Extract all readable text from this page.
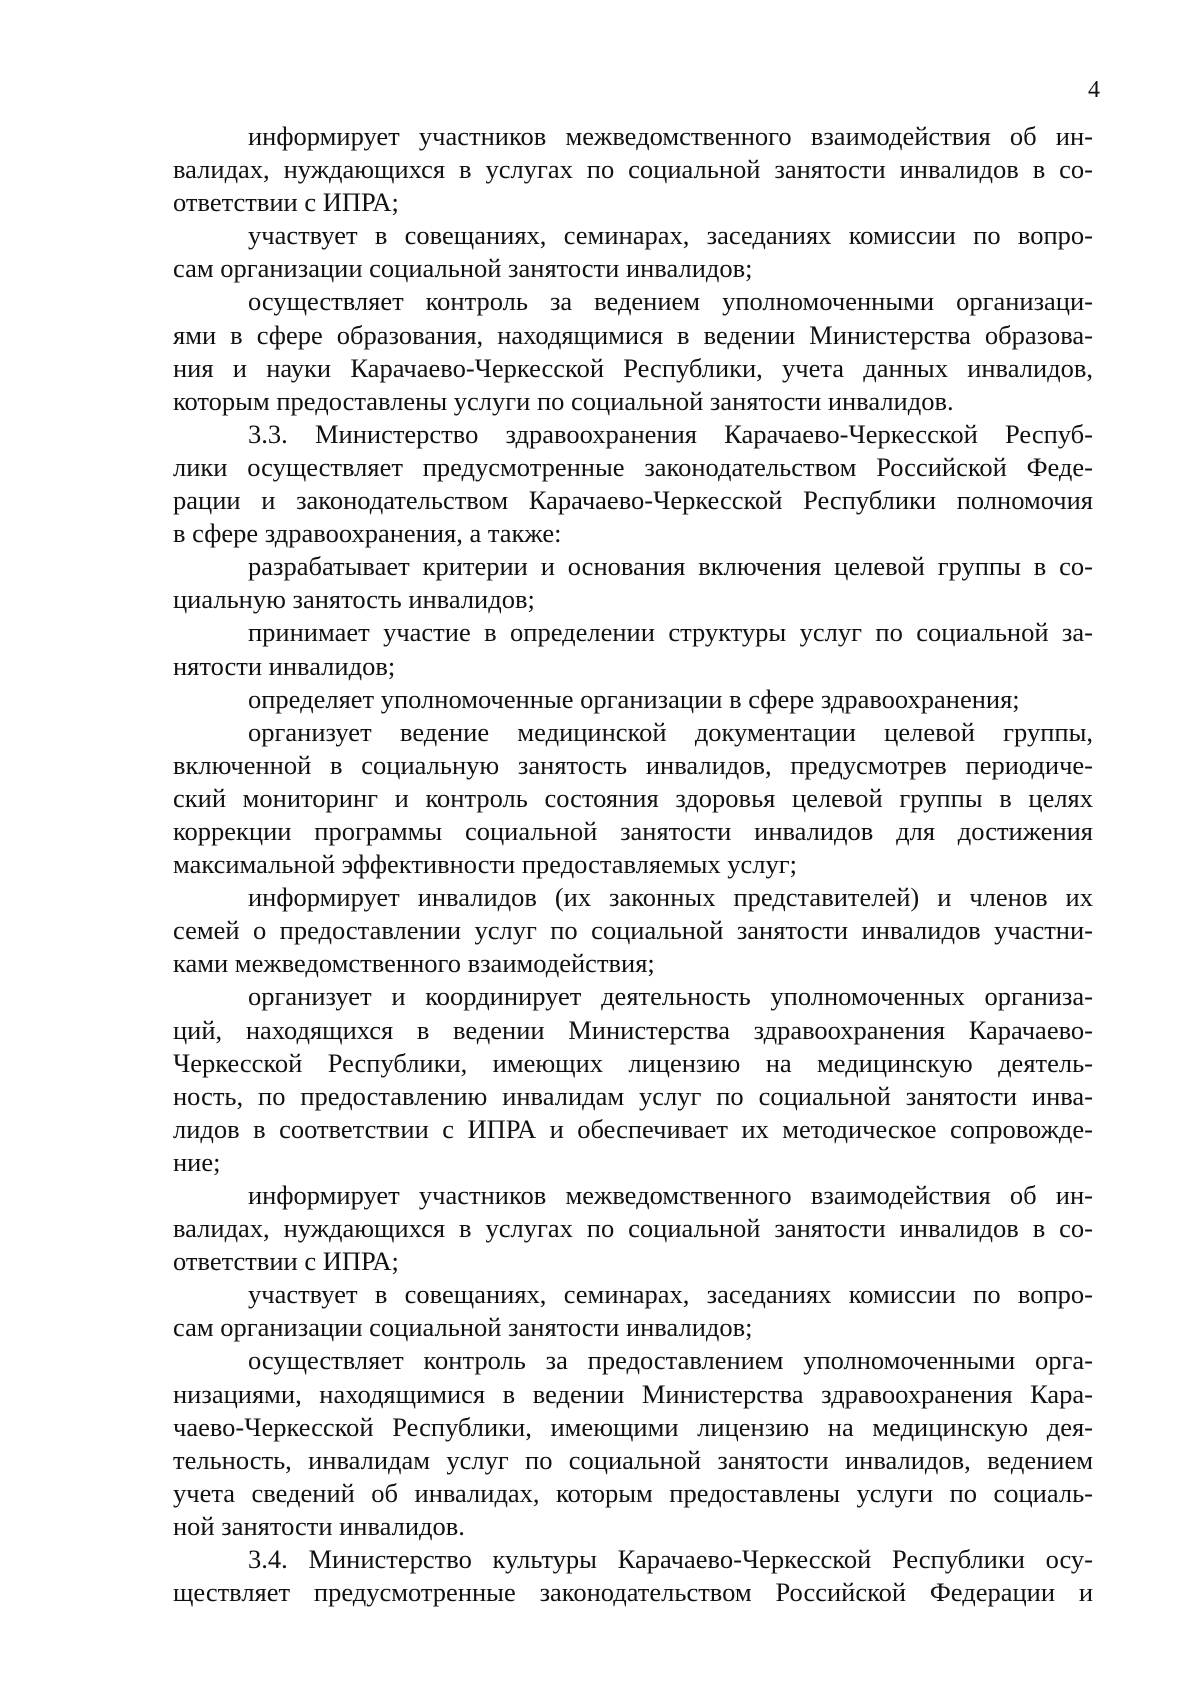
4
информирует участников межведомственного взаимодействия об ин-
валидах, нуждающихся в услугах по социальной занятости инвалидов в со-
ответствии с ИПРА;
участвует в совещаниях, семинарах, заседаниях комиссии по вопро-
сам организации социальной занятости инвалидов;
осуществляет контроль за ведением уполномоченными организаци-
ями в сфере образования, находящимися в ведении Министерства образова-
ния и науки Карачаево-Черкесской Республики, учета данных инвалидов,
которым предоставлены услуги по социальной занятости инвалидов.
3.3. Министерство здравоохранения Карачаево-Черкесской Респуб-
лики осуществляет предусмотренные законодательством Российской Феде-
рации и законодательством Карачаево-Черкесской Республики полномочия
в сфере здравоохранения, а также:
разрабатывает критерии и основания включения целевой группы в со-
циальную занятость инвалидов;
принимает участие в определении структуры услуг по социальной за-
нятости инвалидов;
определяет уполномоченные организации в сфере здравоохранения;
организует ведение медицинской документации целевой группы,
включенной в социальную занятость инвалидов, предусмотрев периодиче-
ский мониторинг и контроль состояния здоровья целевой группы в целях
коррекции программы социальной занятости инвалидов для достижения
максимальной эффективности предоставляемых услуг;
информирует инвалидов (их законных представителей) и членов их
семей о предоставлении услуг по социальной занятости инвалидов участни-
ками межведомственного взаимодействия;
организует и координирует деятельность уполномоченных организа-
ций, находящихся в ведении Министерства здравоохранения Карачаево-
Черкесской Республики, имеющих лицензию на медицинскую деятель-
ность, по предоставлению инвалидам услуг по социальной занятости инва-
лидов в соответствии с ИПРА и обеспечивает их методическое сопровожде-
ние;
информирует участников межведомственного взаимодействия об ин-
валидах, нуждающихся в услугах по социальной занятости инвалидов в со-
ответствии с ИПРА;
участвует в совещаниях, семинарах, заседаниях комиссии по вопро-
сам организации социальной занятости инвалидов;
осуществляет контроль за предоставлением уполномоченными орга-
низациями, находящимися в ведении Министерства здравоохранения Кара-
чаево-Черкесской Республики, имеющими лицензию на медицинскую дея-
тельность, инвалидам услуг по социальной занятости инвалидов, ведением
учета сведений об инвалидах, которым предоставлены услуги по социаль-
ной занятости инвалидов.
3.4. Министерство культуры Карачаево-Черкесской Республики осу-
ществляет предусмотренные законодательством Российской Федерации и
